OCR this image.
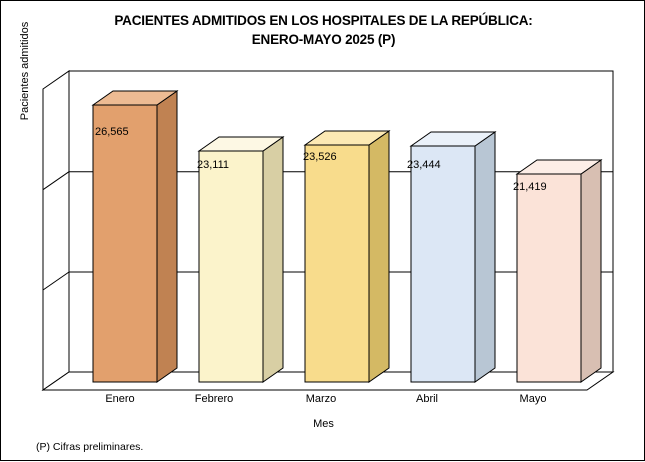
PACIENTES ADMITIDOS EN LOS HOSPITALES DE LA REPÚBLICA:
ENERO-MAYO 2025 (P)
Pacientes admitidos
26,565
23,111
23,526
23,444
21,419
Enero	Febrero	Marzo	Abril	Mayo
Mes
(P) Cifras preliminares.
